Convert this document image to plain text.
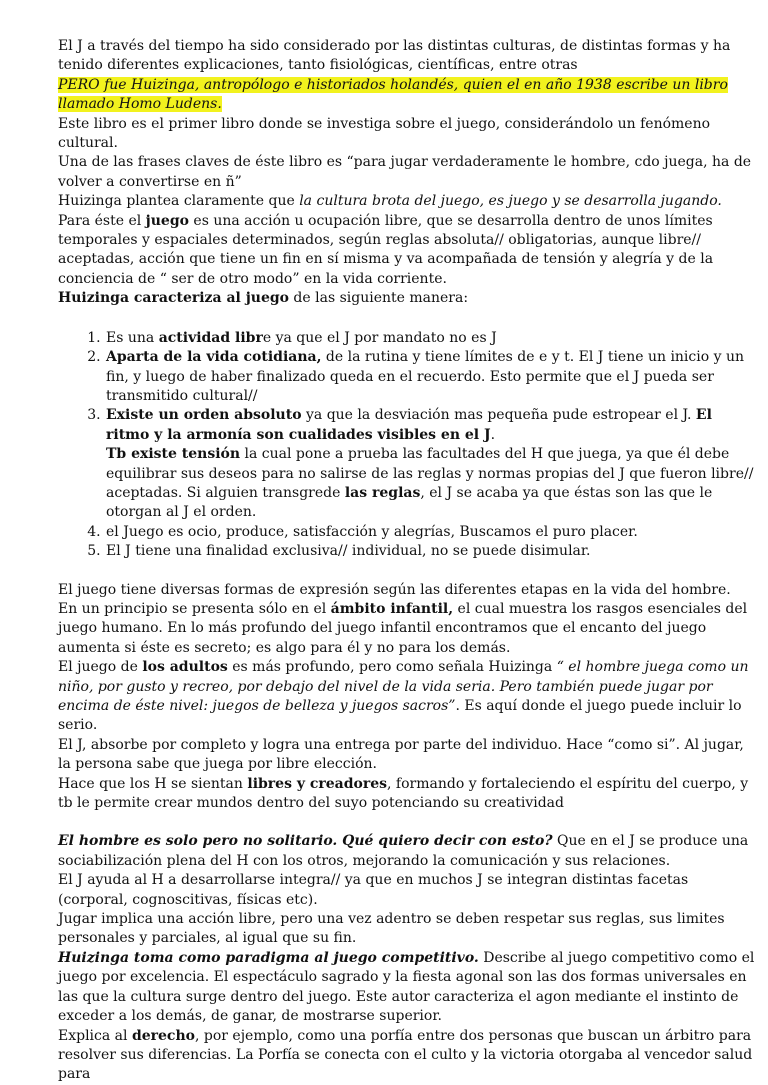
El J a través del tiempo ha sido considerado por las distintas culturas, de distintas formas y ha tenido diferentes explicaciones, tanto fisiológicas, científicas, entre otras

PERO fue Huizinga, antropólogo e historiados holandés, quien el en año 1938 escribe un libro llamado Homo Ludens.

Este libro es el primer libro donde se investiga sobre el juego, considerándolo un fenómeno cultural.

Una de las frases claves de éste libro es “para jugar verdaderamente le hombre, cdo juega, ha de volver a convertirse en ñ”

Huizinga plantea claramente que la cultura brota del juego, es juego y se desarrolla jugando.

Para éste el juego es una acción u ocupación libre, que se desarrolla dentro de unos límites temporales y espaciales determinados, según reglas absoluta// obligatorias, aunque libre// aceptadas, acción que tiene un fin en sí misma y va acompañada de tensión y alegría y de la conciencia de “ ser de otro modo” en la vida corriente.

Huizinga caracteriza al juego de las siguiente manera:

1. Es una actividad libre ya que el J por mandato no es J
2. Aparta de la vida cotidiana, de la rutina y tiene límites de e y t. El J tiene un inicio y un fin, y luego de haber finalizado queda en el recuerdo. Esto permite que el J pueda ser transmitido cultural//
3. Existe un orden absoluto ya que la desviación mas pequeña pude estropear el J. El ritmo y la armonía son cualidades visibles en el J.
Tb existe tensión la cual pone a prueba las facultades del H que juega, ya que él debe equilibrar sus deseos para no salirse de las reglas y normas propias del J que fueron libre// aceptadas. Si alguien transgrede las reglas, el J se acaba ya que éstas son las que le otorgan al J el orden.
4. el Juego es ocio, produce, satisfacción y alegrías, Buscamos el puro placer.
5. El J tiene una finalidad exclusiva// individual, no se puede disimular.

El juego tiene diversas formas de expresión según las diferentes etapas en la vida del hombre.

En un principio se presenta sólo en el ámbito infantil, el cual muestra los rasgos esenciales del juego humano. En lo más profundo del juego infantil encontramos que el encanto del juego aumenta si éste es secreto; es algo para él y no para los demás.

El juego de los adultos es más profundo, pero como señala Huizinga “ el hombre juega como un niño, por gusto y recreo, por debajo del nivel de la vida seria. Pero también puede jugar por encima de éste nivel: juegos de belleza y juegos sacros”. Es aquí donde el juego puede incluir lo serio.

El J, absorbe por completo y logra una entrega por parte del individuo. Hace “como si”. Al jugar, la persona sabe que juega por libre elección.

Hace que los H se sientan libres y creadores, formando y fortaleciendo el espíritu del cuerpo, y tb le permite crear mundos dentro del suyo potenciando su creatividad

El hombre es solo pero no solitario. Qué quiero decir con esto? Que en el J se produce una sociabilización plena del H con los otros, mejorando la comunicación y sus relaciones.

El J ayuda al H a desarrollarse integra// ya que en muchos J se integran distintas facetas (corporal, cognoscitivas, físicas etc).

Jugar implica una acción libre, pero una vez adentro se deben respetar sus reglas, sus limites personales y parciales, al igual que su fin.

Huizinga toma como paradigma al juego competitivo. Describe al juego competitivo como el juego por excelencia. El espectáculo sagrado y la fiesta agonal son las dos formas universales en las que la cultura surge dentro del juego. Este autor caracteriza el agon mediante el instinto de exceder a los demás, de ganar, de mostrarse superior.

Explica al derecho, por ejemplo, como una porfía entre dos personas que buscan un árbitro para resolver sus diferencias. La Porfía se conecta con el culto y la victoria otorgaba al vencedor salud para
